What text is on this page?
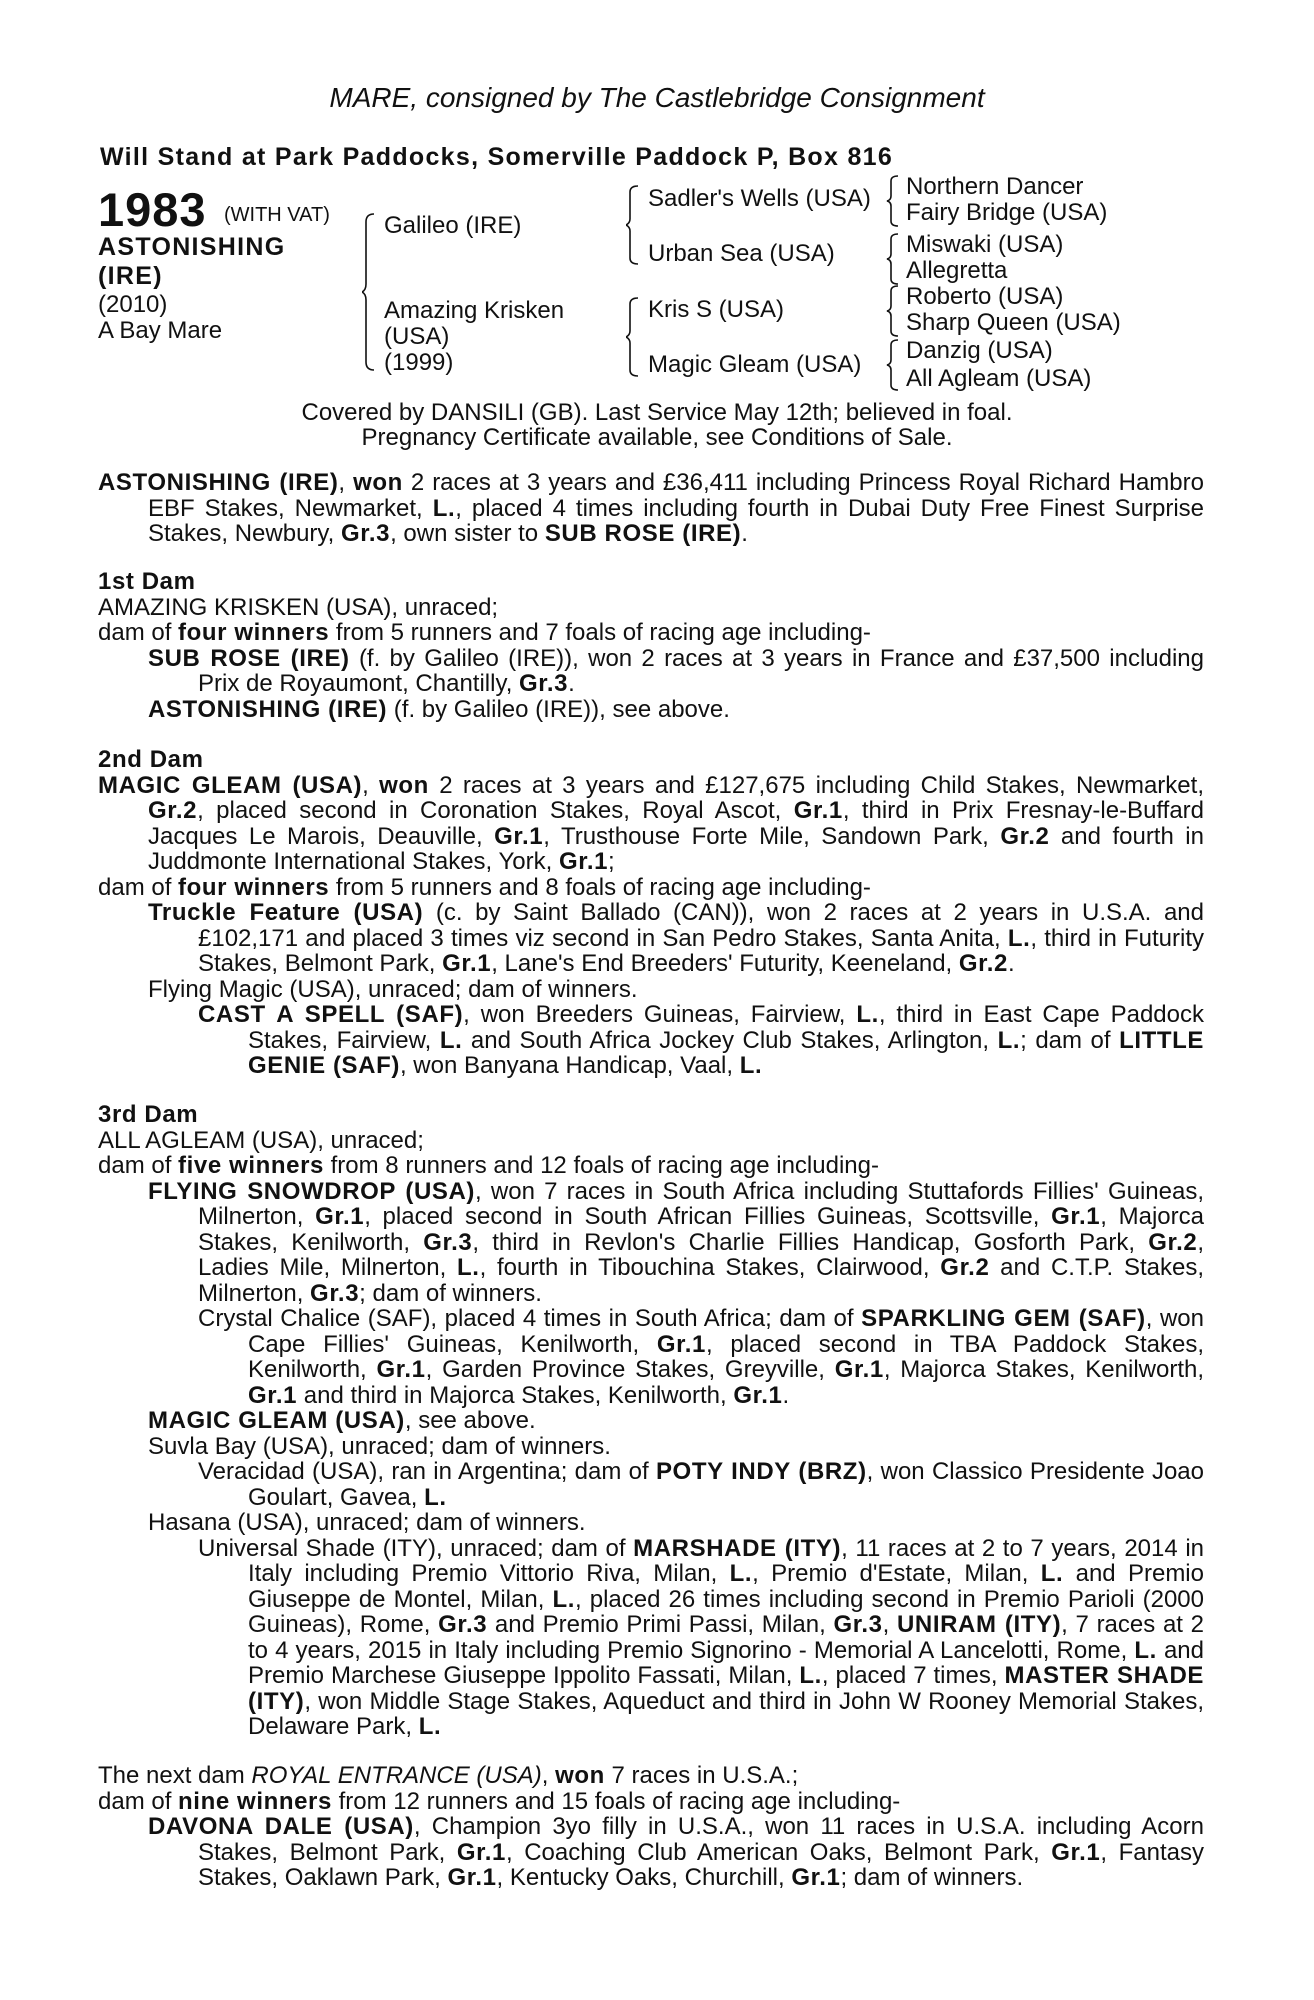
MARE, consigned by The Castlebridge Consignment
Will Stand at Park Paddocks, Somerville Paddock P, Box 816
1983 (WITH VAT)
ASTONISHING
(IRE)
(2010)
A Bay Mare
Galileo (IRE)
Amazing Krisken
(USA)
(1999)
Sadler's Wells (USA)
Urban Sea (USA)
Kris S (USA)
Magic Gleam (USA)
Northern Dancer
Fairy Bridge (USA)
Miswaki (USA)
Allegretta
Roberto (USA)
Sharp Queen (USA)
Danzig (USA)
All Agleam (USA)
Covered by DANSILI (GB). Last Service May 12th; believed in foal.
Pregnancy Certificate available, see Conditions of Sale.

ASTONISHING (IRE), won 2 races at 3 years and £36,411 including Princess Royal Richard Hambro EBF Stakes, Newmarket, L., placed 4 times including fourth in Dubai Duty Free Finest Surprise Stakes, Newbury, Gr.3, own sister to SUB ROSE (IRE).

1st Dam

AMAZING KRISKEN (USA), unraced;

dam of four winners from 5 runners and 7 foals of racing age including-

SUB ROSE (IRE) (f. by Galileo (IRE)), won 2 races at 3 years in France and £37,500 including Prix de Royaumont, Chantilly, Gr.3.

ASTONISHING (IRE) (f. by Galileo (IRE)), see above.

2nd Dam

MAGIC GLEAM (USA), won 2 races at 3 years and £127,675 including Child Stakes, Newmarket, Gr.2, placed second in Coronation Stakes, Royal Ascot, Gr.1, third in Prix Fresnay-le-Buffard Jacques Le Marois, Deauville, Gr.1, Trusthouse Forte Mile, Sandown Park, Gr.2 and fourth in Juddmonte International Stakes, York, Gr.1;

dam of four winners from 5 runners and 8 foals of racing age including-

Truckle Feature (USA) (c. by Saint Ballado (CAN)), won 2 races at 2 years in U.S.A. and £102,171 and placed 3 times viz second in San Pedro Stakes, Santa Anita, L., third in Futurity Stakes, Belmont Park, Gr.1, Lane's End Breeders' Futurity, Keeneland, Gr.2.

Flying Magic (USA), unraced; dam of winners.

CAST A SPELL (SAF), won Breeders Guineas, Fairview, L., third in East Cape Paddock Stakes, Fairview, L. and South Africa Jockey Club Stakes, Arlington, L.; dam of LITTLE GENIE (SAF), won Banyana Handicap, Vaal, L.

3rd Dam

ALL AGLEAM (USA), unraced;

dam of five winners from 8 runners and 12 foals of racing age including-

FLYING SNOWDROP (USA), won 7 races in South Africa including Stuttafords Fillies' Guineas, Milnerton, Gr.1, placed second in South African Fillies Guineas, Scottsville, Gr.1, Majorca Stakes, Kenilworth, Gr.3, third in Revlon's Charlie Fillies Handicap, Gosforth Park, Gr.2, Ladies Mile, Milnerton, L., fourth in Tibouchina Stakes, Clairwood, Gr.2 and C.T.P. Stakes, Milnerton, Gr.3; dam of winners.

Crystal Chalice (SAF), placed 4 times in South Africa; dam of SPARKLING GEM (SAF), won Cape Fillies' Guineas, Kenilworth, Gr.1, placed second in TBA Paddock Stakes, Kenilworth, Gr.1, Garden Province Stakes, Greyville, Gr.1, Majorca Stakes, Kenilworth, Gr.1 and third in Majorca Stakes, Kenilworth, Gr.1.

MAGIC GLEAM (USA), see above.

Suvla Bay (USA), unraced; dam of winners.

Veracidad (USA), ran in Argentina; dam of POTY INDY (BRZ), won Classico Presidente Joao Goulart, Gavea, L.

Hasana (USA), unraced; dam of winners.

Universal Shade (ITY), unraced; dam of MARSHADE (ITY), 11 races at 2 to 7 years, 2014 in Italy including Premio Vittorio Riva, Milan, L., Premio d'Estate, Milan, L. and Premio Giuseppe de Montel, Milan, L., placed 26 times including second in Premio Parioli (2000 Guineas), Rome, Gr.3 and Premio Primi Passi, Milan, Gr.3, UNIRAM (ITY), 7 races at 2 to 4 years, 2015 in Italy including Premio Signorino - Memorial A Lancelotti, Rome, L. and Premio Marchese Giuseppe Ippolito Fassati, Milan, L., placed 7 times, MASTER SHADE (ITY), won Middle Stage Stakes, Aqueduct and third in John W Rooney Memorial Stakes, Delaware Park, L.

The next dam ROYAL ENTRANCE (USA), won 7 races in U.S.A.;

dam of nine winners from 12 runners and 15 foals of racing age including-

DAVONA DALE (USA), Champion 3yo filly in U.S.A., won 11 races in U.S.A. including Acorn Stakes, Belmont Park, Gr.1, Coaching Club American Oaks, Belmont Park, Gr.1, Fantasy Stakes, Oaklawn Park, Gr.1, Kentucky Oaks, Churchill, Gr.1; dam of winners.
